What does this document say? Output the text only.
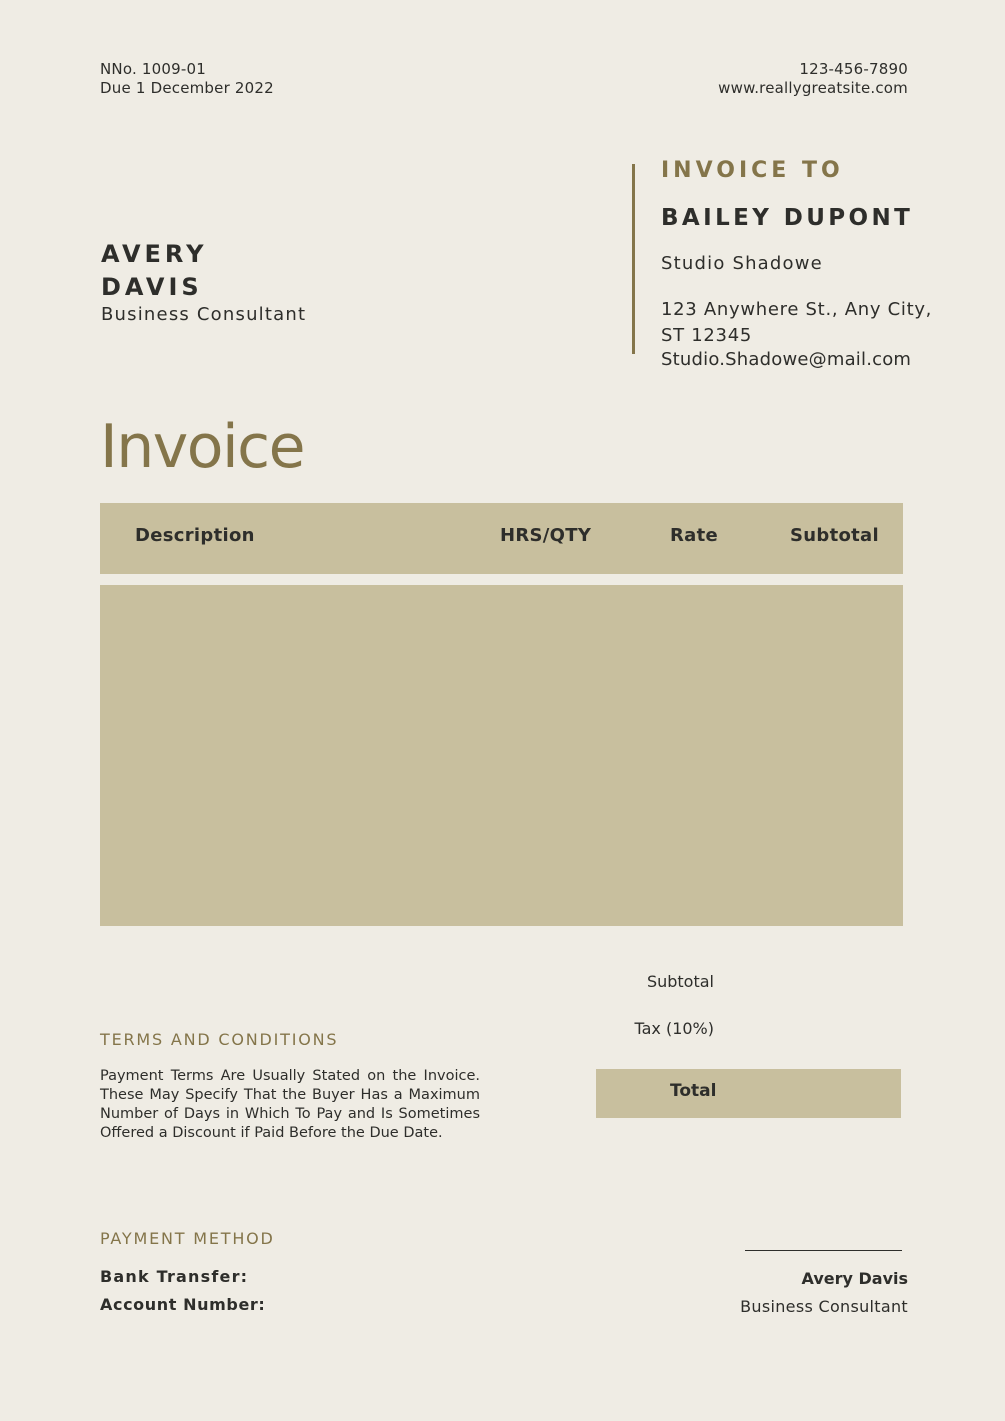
NNo. 1009-01
Due 1 December 2022
123-456-7890
www.reallygreatsite.com
AVERY
DAVIS
Business Consultant
INVOICE TO
BAILEY DUPONT
Studio Shadowe
123 Anywhere St., Any City,
ST 12345
Studio.Shadowe@mail.com
Invoice
Description	HRS/QTY	Rate	Subtotal
Subtotal
Tax (10%)
Total
TERMS AND CONDITIONS
Payment Terms Are Usually Stated on the Invoice. These May Specify That the Buyer Has a Maximum Number of Days in Which To Pay and Is Sometimes Offered a Discount if Paid Before the Due Date.
PAYMENT METHOD
Bank Transfer:
Account Number:
Avery Davis
Business Consultant
